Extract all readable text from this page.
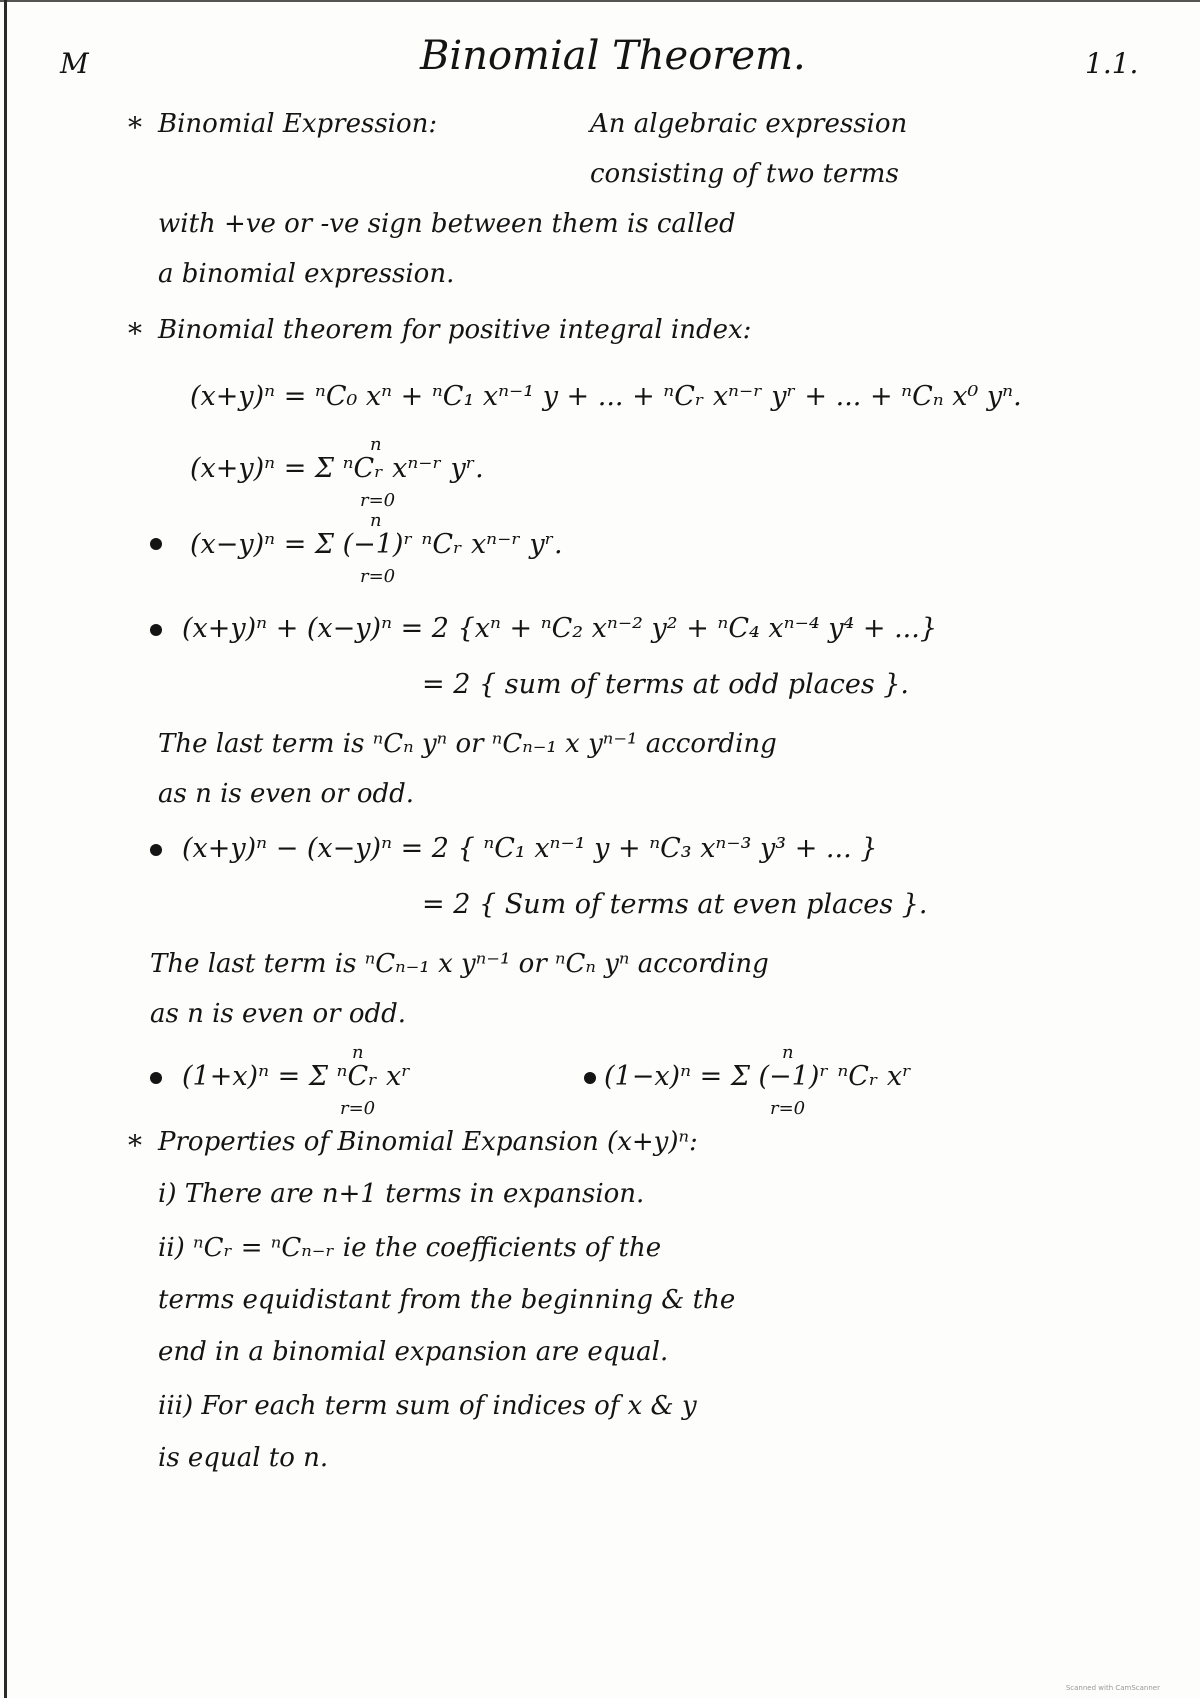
M	Binomial Theorem.	1.1.
* Binomial Expression:	An algebraic expression
consisting of two terms
with +ve or -ve sign between them is called
a binomial expression.
* Binomial theorem for positive integral index:
(x+y)ⁿ = ⁿC₀ xⁿ + ⁿC₁ xⁿ⁻¹ y + ... + ⁿCᵣ xⁿ⁻ʳ yʳ + ... + ⁿCₙ x⁰ yⁿ.
n
(x+y)ⁿ = Σ ⁿCᵣ xⁿ⁻ʳ yʳ.
r=0
n
(x−y)ⁿ = Σ (−1)ʳ ⁿCᵣ xⁿ⁻ʳ yʳ.
r=0
(x+y)ⁿ + (x−y)ⁿ = 2 {xⁿ + ⁿC₂ xⁿ⁻² y² + ⁿC₄ xⁿ⁻⁴ y⁴ + ...}
= 2 { sum of terms at odd places }.
The last term is ⁿCₙ yⁿ or ⁿCₙ₋₁ x yⁿ⁻¹ according
as n is even or odd.
(x+y)ⁿ − (x−y)ⁿ = 2 { ⁿC₁ xⁿ⁻¹ y + ⁿC₃ xⁿ⁻³ y³ + ... }
= 2 { Sum of terms at even places }.
The last term is ⁿCₙ₋₁ x yⁿ⁻¹ or ⁿCₙ yⁿ according
as n is even or odd.
n
(1+x)ⁿ = Σ ⁿCᵣ xʳ
r=0
n
(1−x)ⁿ = Σ (−1)ʳ ⁿCᵣ xʳ
r=0
* Properties of Binomial Expansion (x+y)ⁿ:
i) There are n+1 terms in expansion.
ii) ⁿCᵣ = ⁿCₙ₋ᵣ ie the coefficients of the
terms equidistant from the beginning & the
end in a binomial expansion are equal.
iii) For each term sum of indices of x & y
is equal to n.
Scanned with CamScanner
